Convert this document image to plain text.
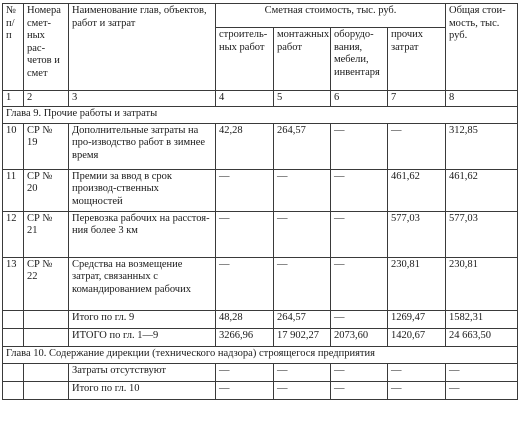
№ п/п	Номера смет-ных рас-четов и смет	Наименование глав, объектов, работ и затрат	Сметная стоимость, тыс. руб.				Общая стои-мость, тыс. руб.
			строитель-ных работ	монтажных работ	оборудо-вания, мебели, инвентаря	прочих затрат	
1	2	3	4	5	6	7	8
Глава 9. Прочие работы и затраты							
10	СР № 19	Дополнительные затраты на про-изводство работ в зимнее время	42,28	264,57	—	—	312,85
11	СР № 20	Премии за ввод в срок производ-ственных мощностей	—	—	—	461,62	461,62
12	СР № 21	Перевозка рабочих на расстоя-ния более 3 км	—	—	—	577,03	577,03
13	СР № 22	Средства на возмещение затрат, связанных с командированием рабочих	—	—	—	230,81	230,81
		Итого по гл. 9	48,28	264,57	—	1269,47	1582,31
		ИТОГО по гл. 1—9	3266,96	17 902,27	2073,60	1420,67	24 663,50
Глава 10. Содержание дирекции (технического надзора) строящегося предприятия							
		Затраты отсутствуют	—	—	—	—	—
		Итого по гл. 10	—	—	—	—	—
